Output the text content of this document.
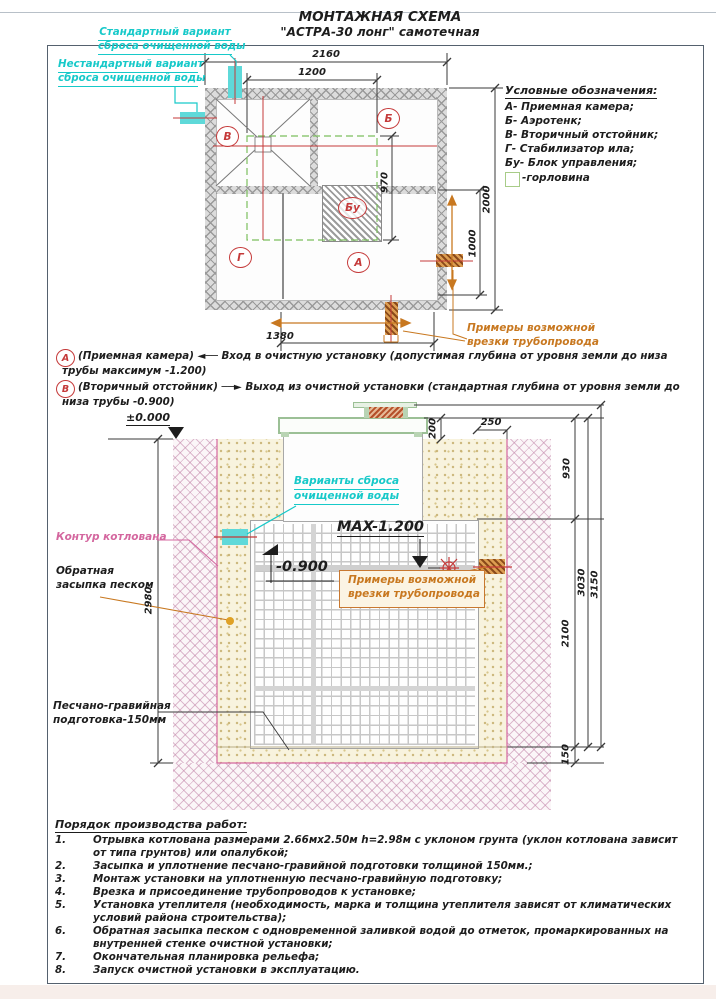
МОНТАЖНАЯ СХЕМА
"АСТРА-30 лонг" самотечная
Стандартный вариант
сброса очищенной воды
Нестандартный вариант
сброса очищенной воды
В
Б
Бу
Г	А
2160
1200
970
2000
1000
1380
Примеры возможной
врезки трубопровода
Условные обозначения:
А- Приемная камера;
Б- Аэротенк;
В- Вторичный отстойник;
Г- Стабилизатор ила;
Бу- Блок управления;
-горловина
А (Приемная камера) ◄── Вход в очистную установку (допустимая глубина от уровня земли до низа
трубы максимум -1.200)
В (Вторичный отстойник) ──► Выход из очистной установки (стандартная глубина от уровня земли до
низа трубы -0.900)
±0.000
Варианты сброса
очищенной воды
MAX-1.200
-0.900
Контур котлована
Обратная
засыпка песком
Песчано-гравийная
подготовка-150мм
Примеры возможной
врезки трубопровода
200	250
930
2100
150
3030 3150
2980
Порядок производства работ:
1.	Отрывка котлована размерами 2.66мх2.50м h=2.98м с уклоном грунта (уклон котлована зависит от типа грунтов) или опалубкой;
2.	Засыпка и уплотнение песчано-гравийной подготовки толщиной 150мм.;
3.	Монтаж установки на уплотненную песчано-гравийную подготовку;
4.	Врезка и присоединение трубопроводов к установке;
5.	Установка утеплителя (необходимость, марка и толщина утеплителя зависят от климатических условий района строительства);
6.	Обратная засыпка песком с одновременной заливкой водой до отметок, промаркированных на внутренней стенке очистной установки;
7.	Окончательная планировка рельефа;
8.	Запуск очистной установки в эксплуатацию.
